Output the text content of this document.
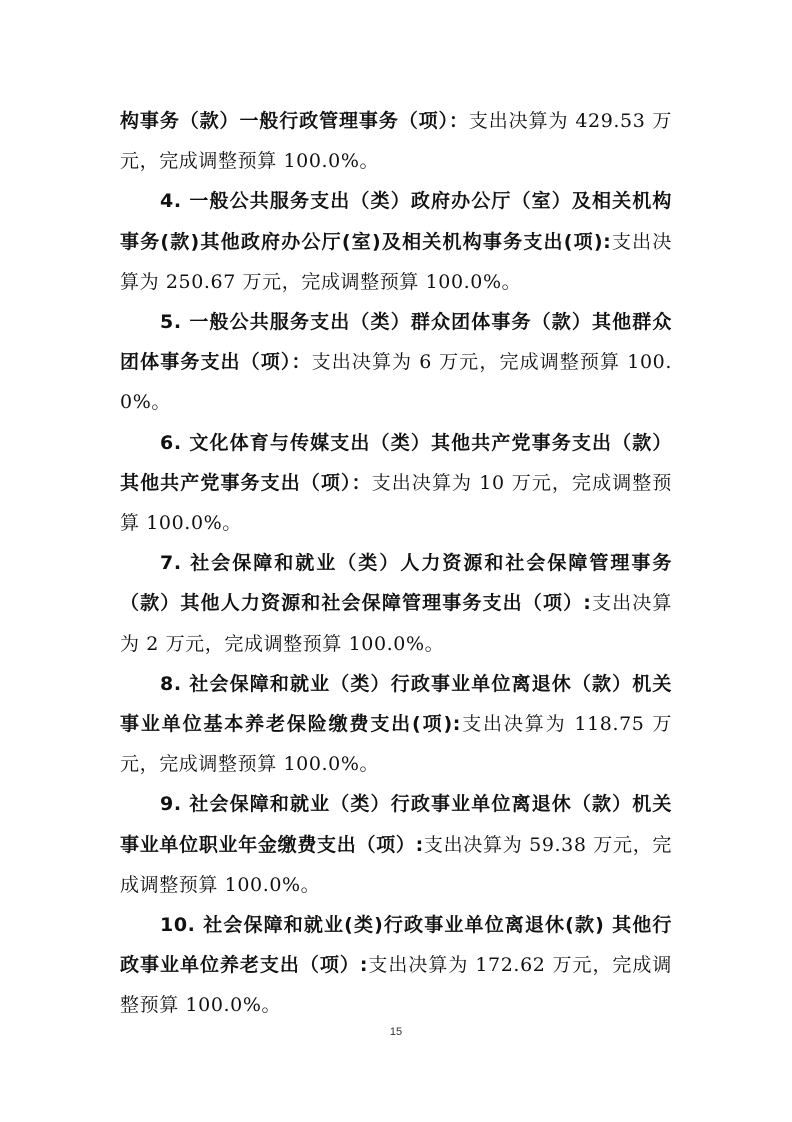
构事务（款）一般行政管理事务（项）：支出决算为 429.53 万元，完成调整预算 100.0%。

4. 一般公共服务支出（类）政府办公厅（室）及相关机构事务(款)其他政府办公厅(室)及相关机构事务支出(项):支出决算为 250.67 万元，完成调整预算 100.0%。

5. 一般公共服务支出（类）群众团体事务（款）其他群众团体事务支出（项）：支出决算为 6 万元，完成调整预算 100.0%。

6. 文化体育与传媒支出（类）其他共产党事务支出（款）其他共产党事务支出（项）：支出决算为 10 万元，完成调整预算 100.0%。

7. 社会保障和就业（类）人力资源和社会保障管理事务（款）其他人力资源和社会保障管理事务支出（项）:支出决算为 2 万元，完成调整预算 100.0%。

8. 社会保障和就业（类）行政事业单位离退休（款）机关事业单位基本养老保险缴费支出(项):支出决算为 118.75 万元，完成调整预算 100.0%。

9. 社会保障和就业（类）行政事业单位离退休（款）机关事业单位职业年金缴费支出（项）:支出决算为 59.38 万元，完成调整预算 100.0%。

10. 社会保障和就业(类)行政事业单位离退休(款) 其他行政事业单位养老支出（项）:支出决算为 172.62 万元，完成调整预算 100.0%。

15
